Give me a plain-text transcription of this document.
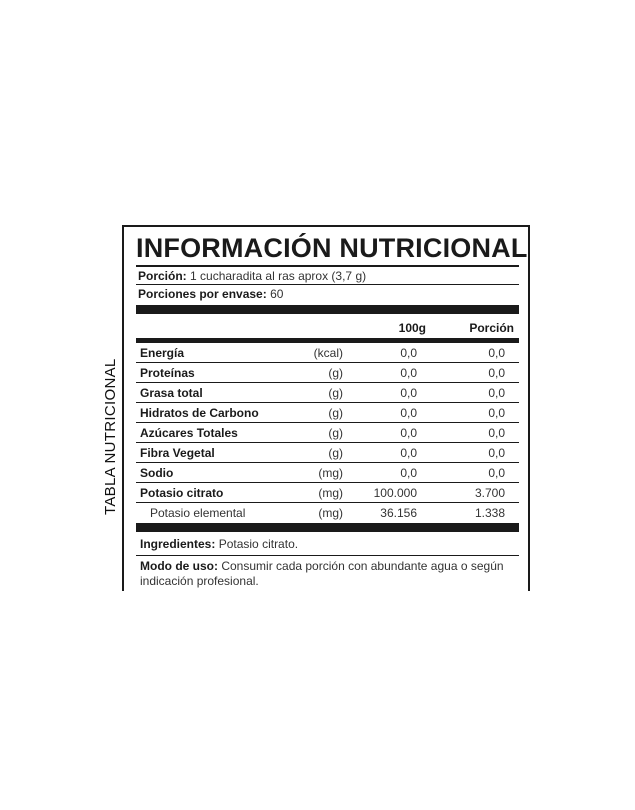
TABLA NUTRICIONAL
INFORMACIÓN NUTRICIONAL
Porción: 1 cucharadita al ras aprox (3,7 g)
Porciones por envase: 60
100g	Porción
Energía	(kcal)	0,0	0,0
Proteínas	(g)	0,0	0,0
Grasa total	(g)	0,0	0,0
Hidratos de Carbono	(g)	0,0	0,0
Azúcares Totales	(g)	0,0	0,0
Fibra Vegetal	(g)	0,0	0,0
Sodio	(mg)	0,0	0,0
Potasio citrato	(mg)	100.000	3.700
Potasio elemental	(mg)	36.156	1.338
Ingredientes: Potasio citrato.
Modo de uso: Consumir cada porción con abundante agua o según indicación profesional.
